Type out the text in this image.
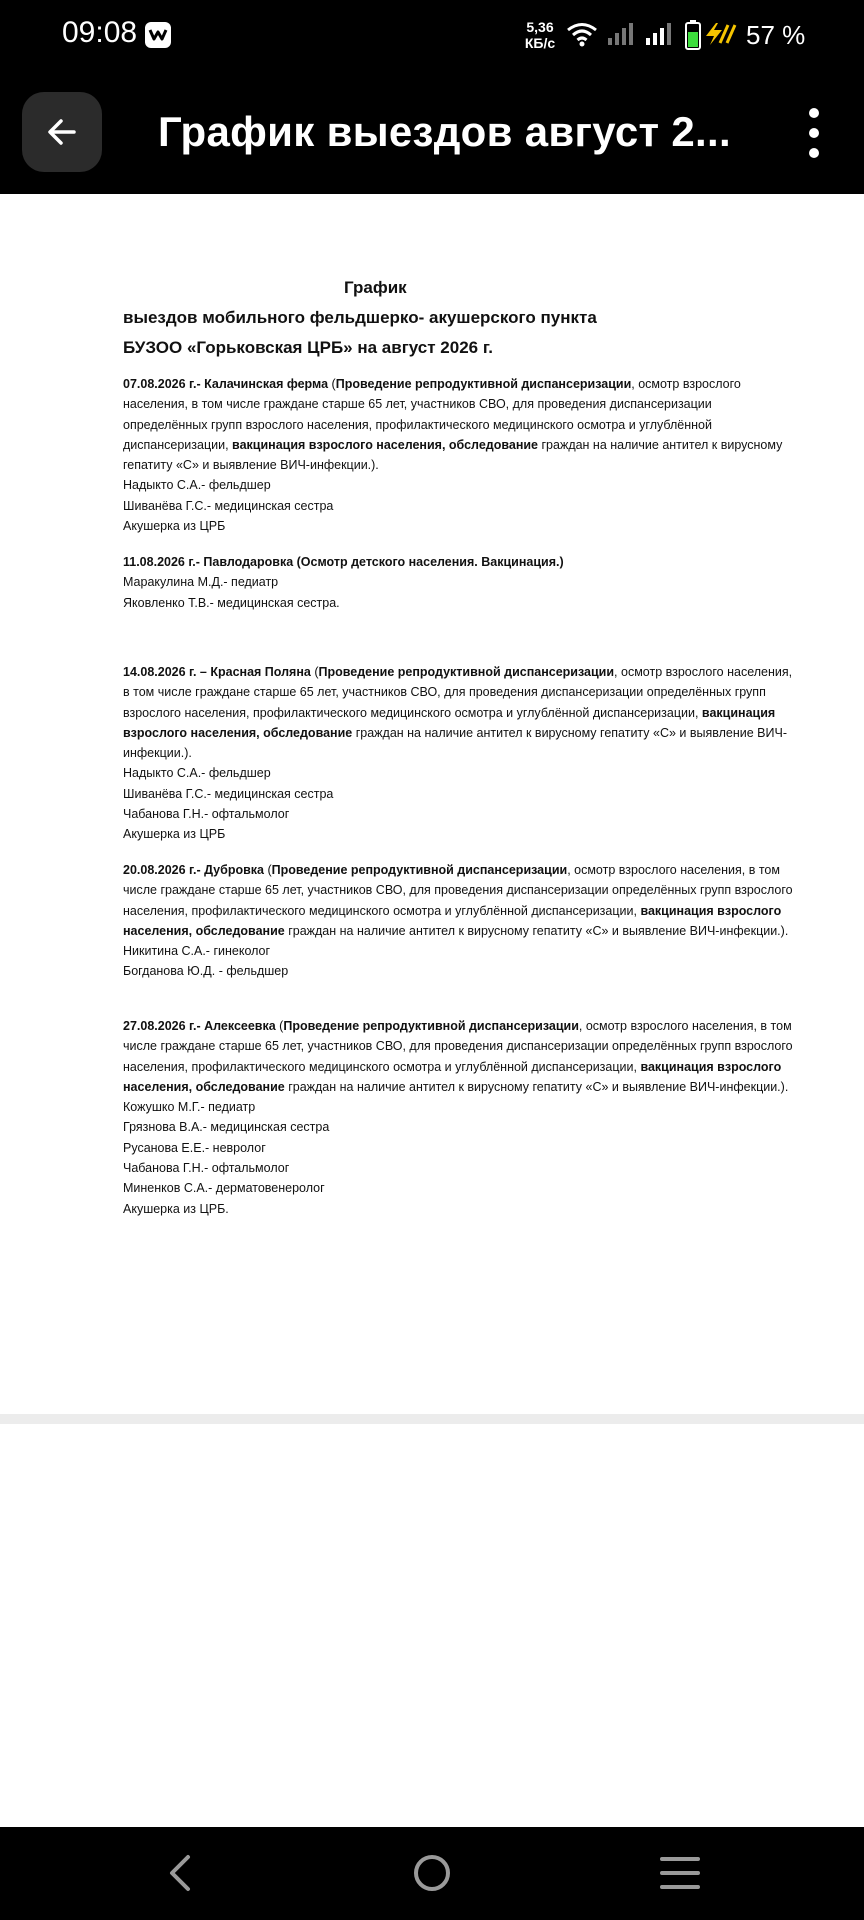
09:08	5,36
КБ/с	57 %
График выездов август 2...
График
выездов мобильного фельдшерко- акушерского пункта
БУЗОО «Горьковская ЦРБ» на август 2026 г.

07.08.2026 г.- Калачинская ферма (Проведение репродуктивной диспансеризации, осмотр взрослого населения, в том числе граждане старше 65 лет, участников СВО, для проведения диспансеризации определённых групп взрослого населения, профилактического медицинского осмотра и углублённой диспансеризации, вакцинация взрослого населения, обследование граждан на наличие антител к вирусному гепатиту «С» и выявление ВИЧ-инфекции.).

Надыкто С.А.- фельдшер

Шиванёва Г.С.- медицинская сестра

Акушерка из ЦРБ

11.08.2026 г.- Павлодаровка (Осмотр детского населения. Вакцинация.)

Маракулина М.Д.- педиатр

Яковленко Т.В.- медицинская сестра.

14.08.2026 г. – Красная Поляна (Проведение репродуктивной диспансеризации, осмотр взрослого населения, в том числе граждане старше 65 лет, участников СВО, для проведения диспансеризации определённых групп взрослого населения, профилактического медицинского осмотра и углублённой диспансеризации, вакцинация взрослого населения, обследование граждан на наличие антител к вирусному гепатиту «С» и выявление ВИЧ-инфекции.).

Надыкто С.А.- фельдшер

Шиванёва Г.С.- медицинская сестра

Чабанова Г.Н.- офтальмолог

Акушерка из ЦРБ

20.08.2026 г.- Дубровка (Проведение репродуктивной диспансеризации, осмотр взрослого населения, в том числе граждане старше 65 лет, участников СВО, для проведения диспансеризации определённых групп взрослого населения, профилактического медицинского осмотра и углублённой диспансеризации, вакцинация взрослого населения, обследование граждан на наличие антител к вирусному гепатиту «С» и выявление ВИЧ-инфекции.).

Никитина С.А.- гинеколог

Богданова Ю.Д. - фельдшер

27.08.2026 г.- Алексеевка (Проведение репродуктивной диспансеризации, осмотр взрослого населения, в том числе граждане старше 65 лет, участников СВО, для проведения диспансеризации определённых групп взрослого населения, профилактического медицинского осмотра и углублённой диспансеризации, вакцинация взрослого населения, обследование граждан на наличие антител к вирусному гепатиту «С» и выявление ВИЧ-инфекции.).

Кожушко М.Г.- педиатр

Грязнова В.А.- медицинская сестра

Русанова Е.Е.- невролог

Чабанова Г.Н.- офтальмолог

Миненков С.А.- дерматовенеролог

Акушерка из ЦРБ.
